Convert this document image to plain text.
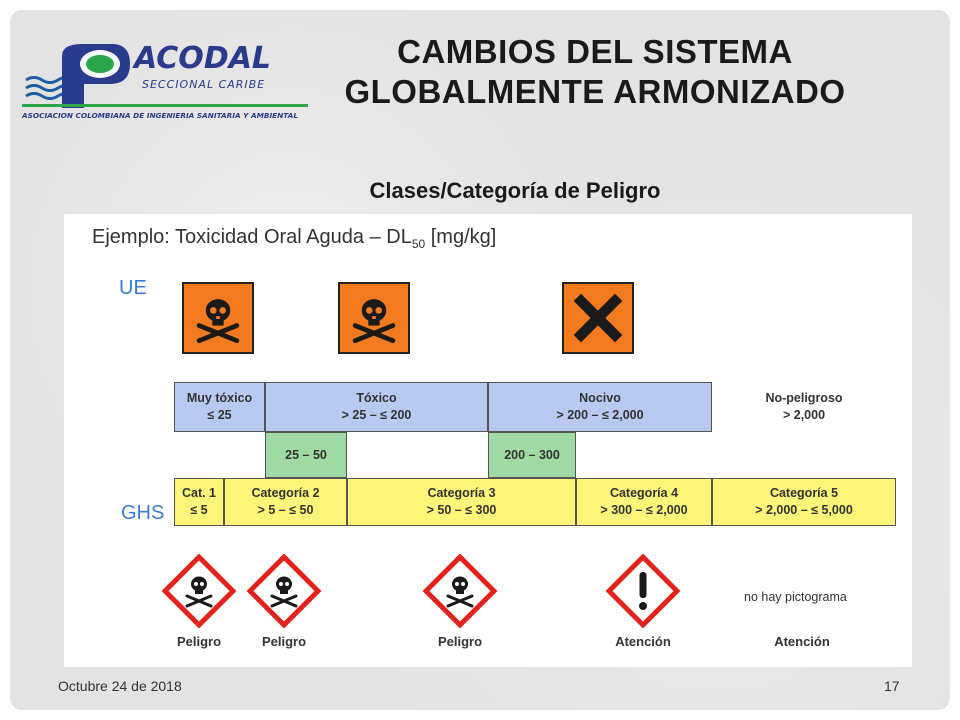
ACODAL
SECCIONAL CARIBE
ASOCIACION COLOMBIANA DE INGENIERIA SANITARIA Y AMBIENTAL
CAMBIOS DEL SISTEMA
GLOBALMENTE ARMONIZADO
Clases/Categoría de Peligro
Ejemplo: Toxicidad Oral Aguda – $DL_{50}$ [mg/kg]
UE
GHS
Muy tóxico
≤ 25
Tóxico
> 25 – ≤ 200
Nocivo
> 200 – ≤ 2,000
No-peligroso
> 2,000
25 – 50	200 – 300
Cat. 1
≤ 5
Categoría 2
> 5 – ≤ 50
Categoría 3
> 50 – ≤ 300
Categoría 4
> 300 – ≤ 2,000
Categoría 5
> 2,000 – ≤ 5,000
no hay pictograma
Peligro	Peligro	Peligro	Atención	Atención
Octubre 24 de 2018	17
